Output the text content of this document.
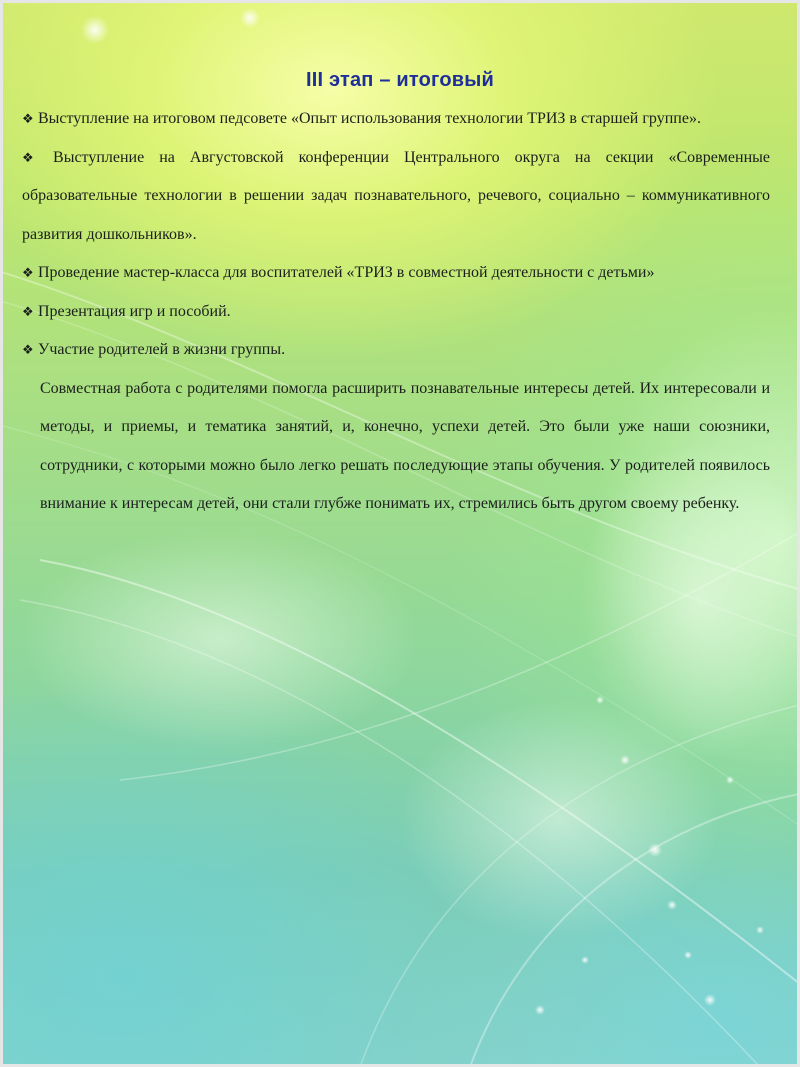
III этап – итоговый

❖ Выступление на итоговом педсовете «Опыт использования технологии ТРИЗ в старшей группе».

❖ Выступление на Августовской конференции Центрального округа на секции «Современные образовательные технологии в решении задач познавательного, речевого, социально – коммуникативного развития дошкольников».

❖ Проведение мастер-класса для воспитателей «ТРИЗ в совместной деятельности с детьми»

❖ Презентация игр и пособий.

❖ Участие родителей в жизни группы.

Совместная работа с родителями помогла расширить познавательные интересы детей. Их интересовали и методы, и приемы, и тематика занятий, и, конечно, успехи детей. Это были уже наши союзники, сотрудники, с которыми можно было легко решать последующие этапы обучения. У родителей появилось внимание к интересам детей, они стали глубже понимать их, стремились быть другом своему ребенку.
